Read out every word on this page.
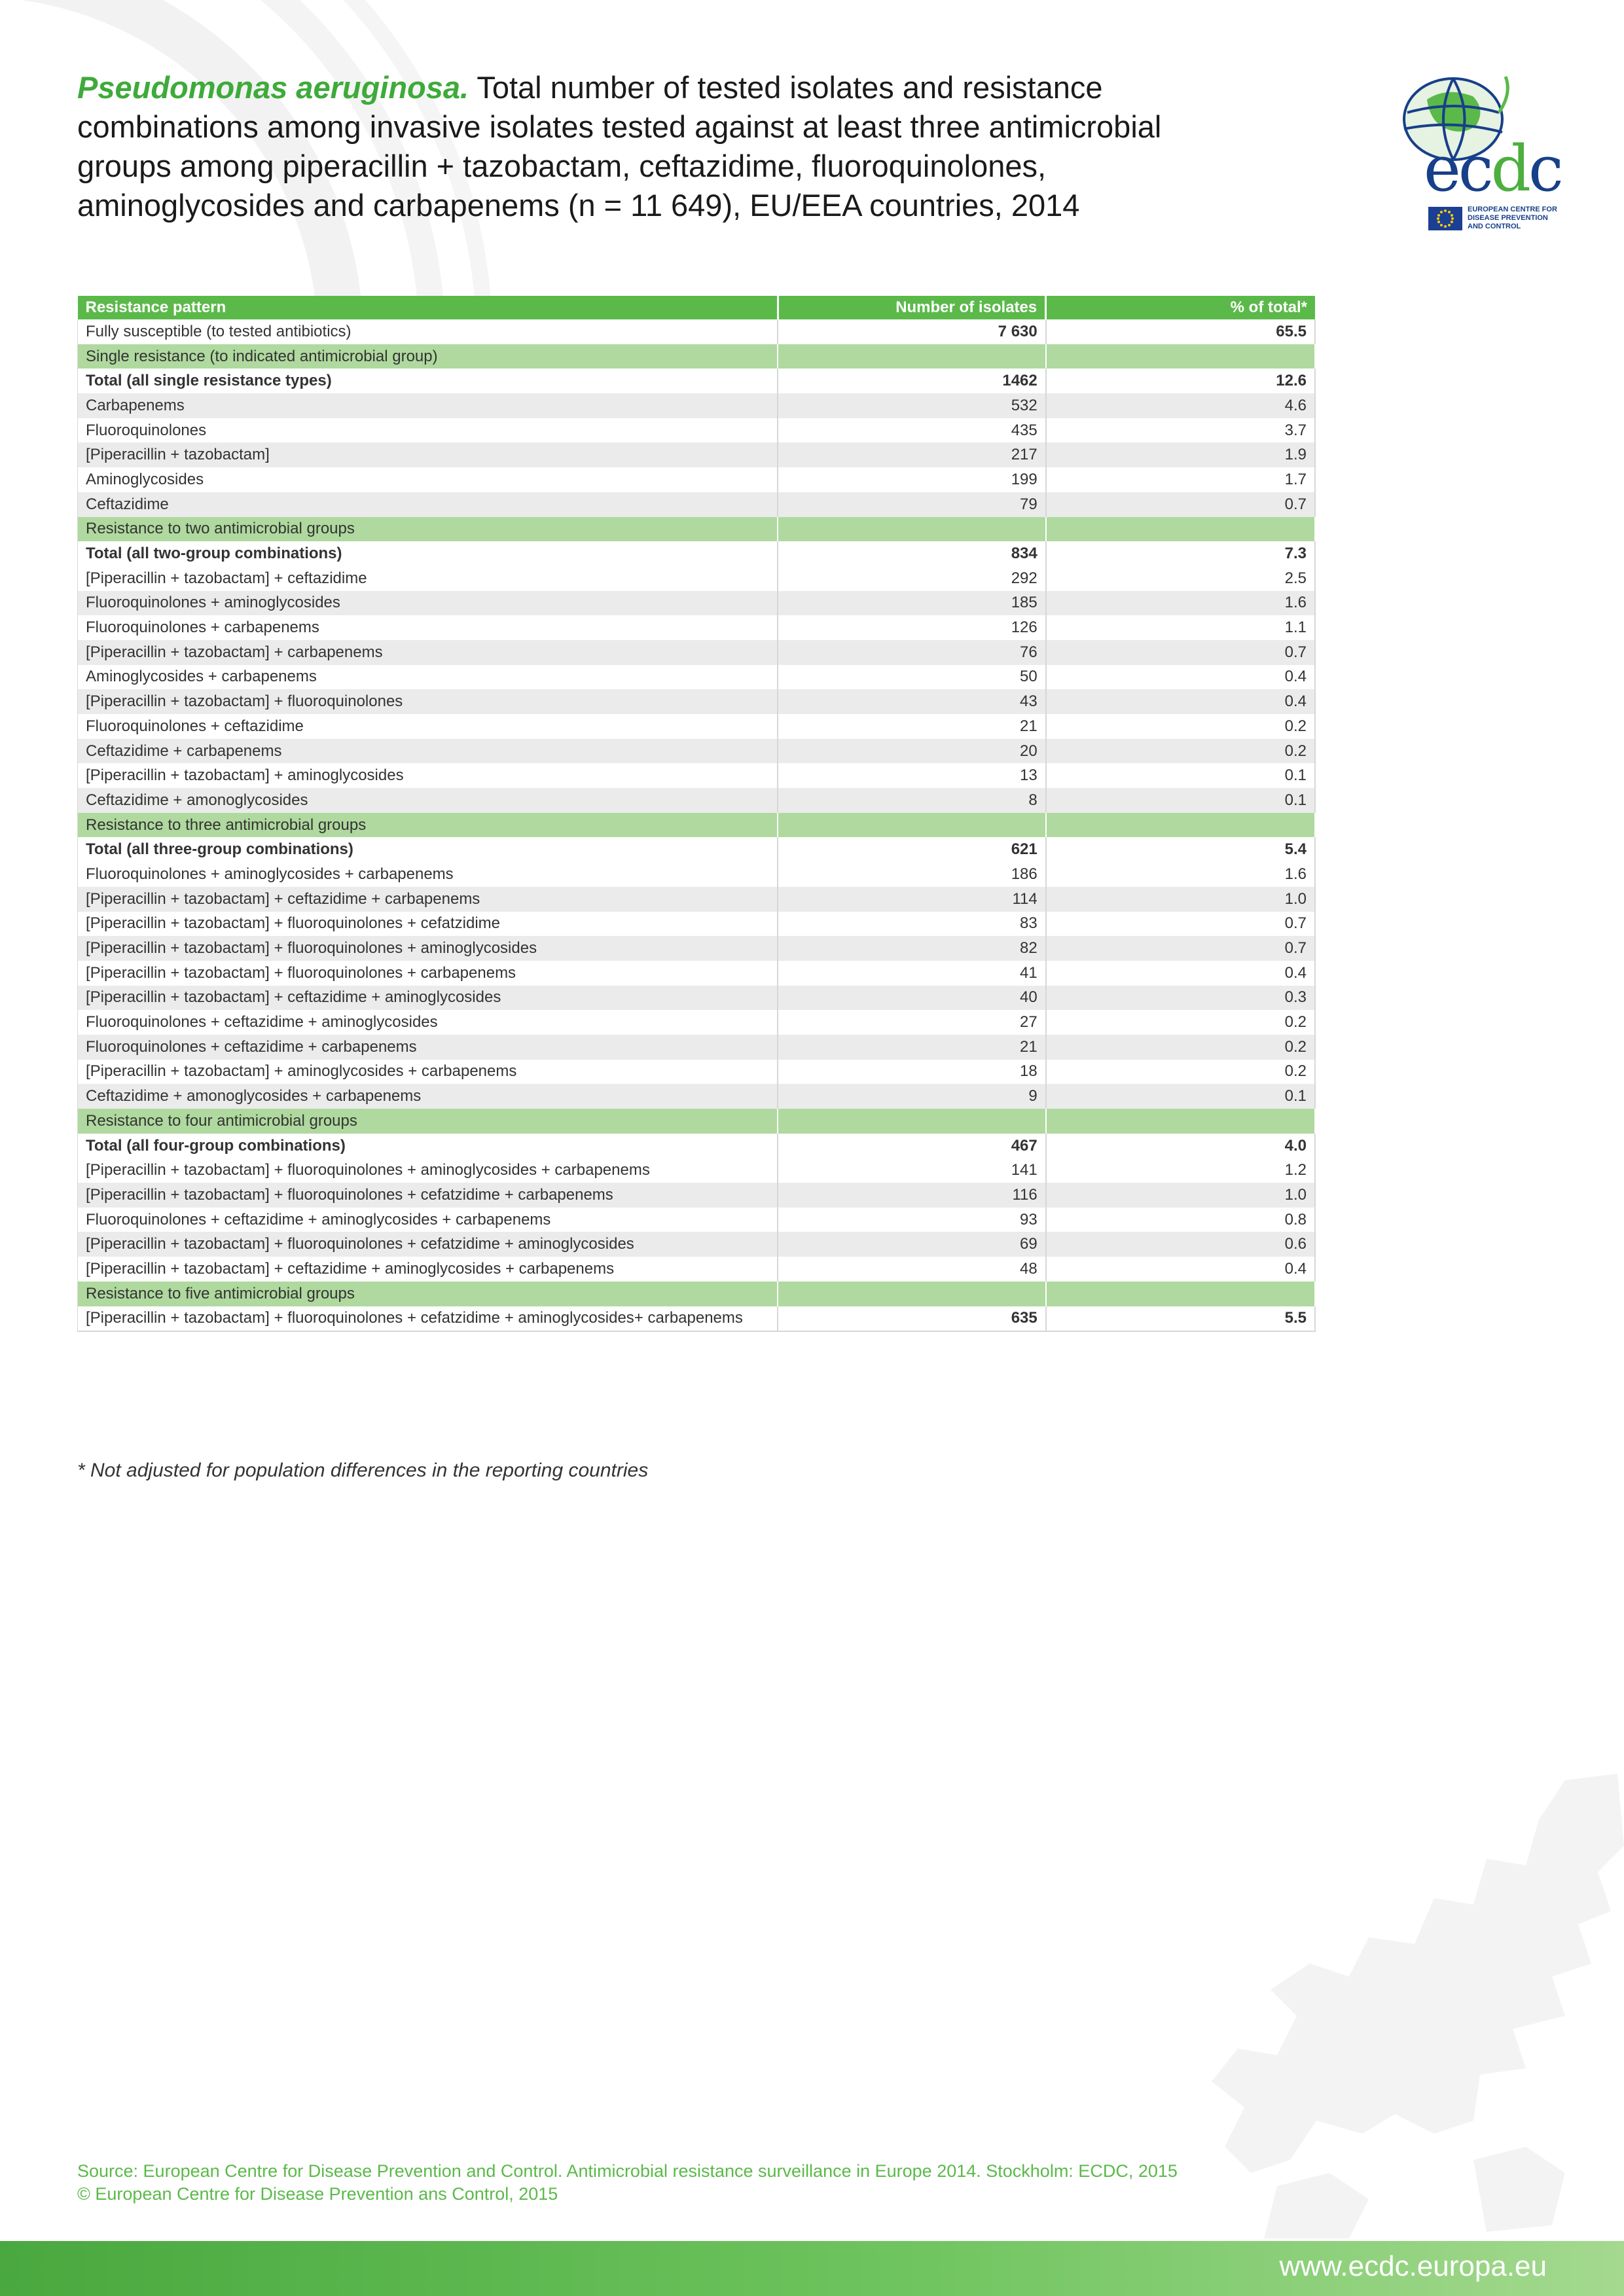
Pseudomonas aeruginosa. Total number of tested isolates and resistance combinations among invasive isolates tested against at least three antimicrobial groups among piperacillin + tazobactam, ceftazidime, fluoroquinolones, aminoglycosides and carbapenems (n = 11 649), EU/EEA countries, 2014	ecdc
EUROPEAN CENTRE FOR
DISEASE PREVENTION
AND CONTROL
Resistance pattern	Number of isolates	% of total*
Fully susceptible (to tested antibiotics)	7 630	65.5
Single resistance (to indicated antimicrobial group)		
Total (all single resistance types)	1462	12.6
Carbapenems	532	4.6
Fluoroquinolones	435	3.7
[Piperacillin + tazobactam]	217	1.9
Aminoglycosides	199	1.7
Ceftazidime	79	0.7
Resistance to two antimicrobial groups		
Total (all two-group combinations)	834	7.3
[Piperacillin + tazobactam] + ceftazidime	292	2.5
Fluoroquinolones + aminoglycosides	185	1.6
Fluoroquinolones + carbapenems	126	1.1
[Piperacillin + tazobactam] + carbapenems	76	0.7
Aminoglycosides + carbapenems	50	0.4
[Piperacillin + tazobactam] + fluoroquinolones	43	0.4
Fluoroquinolones + ceftazidime	21	0.2
Ceftazidime + carbapenems	20	0.2
[Piperacillin + tazobactam] + aminoglycosides	13	0.1
Ceftazidime + amonoglycosides	8	0.1
Resistance to three antimicrobial groups		
Total (all three-group combinations)	621	5.4
Fluoroquinolones + aminoglycosides + carbapenems	186	1.6
[Piperacillin + tazobactam] + ceftazidime + carbapenems	114	1.0
[Piperacillin + tazobactam] + fluoroquinolones + cefatzidime	83	0.7
[Piperacillin + tazobactam] + fluoroquinolones + aminoglycosides	82	0.7
[Piperacillin + tazobactam] + fluoroquinolones + carbapenems	41	0.4
[Piperacillin + tazobactam] + ceftazidime + aminoglycosides	40	0.3
Fluoroquinolones + ceftazidime + aminoglycosides	27	0.2
Fluoroquinolones + ceftazidime + carbapenems	21	0.2
[Piperacillin + tazobactam] + aminoglycosides + carbapenems	18	0.2
Ceftazidime + amonoglycosides + carbapenems	9	0.1
Resistance to four antimicrobial groups		
Total (all four-group combinations)	467	4.0
[Piperacillin + tazobactam] + fluoroquinolones + aminoglycosides + carbapenems	141	1.2
[Piperacillin + tazobactam] + fluoroquinolones + cefatzidime + carbapenems	116	1.0
Fluoroquinolones + ceftazidime + aminoglycosides + carbapenems	93	0.8
[Piperacillin + tazobactam] + fluoroquinolones + cefatzidime + aminoglycosides	69	0.6
[Piperacillin + tazobactam] + ceftazidime + aminoglycosides + carbapenems	48	0.4
Resistance to five antimicrobial groups		
[Piperacillin + tazobactam] + fluoroquinolones + cefatzidime + aminoglycosides+ carbapenems	635	5.5
* Not adjusted for population differences in the reporting countries
Source: European Centre for Disease Prevention and Control. Antimicrobial resistance surveillance in Europe 2014. Stockholm: ECDC, 2015
© European Centre for Disease Prevention ans Control, 2015
www.ecdc.europa.eu
